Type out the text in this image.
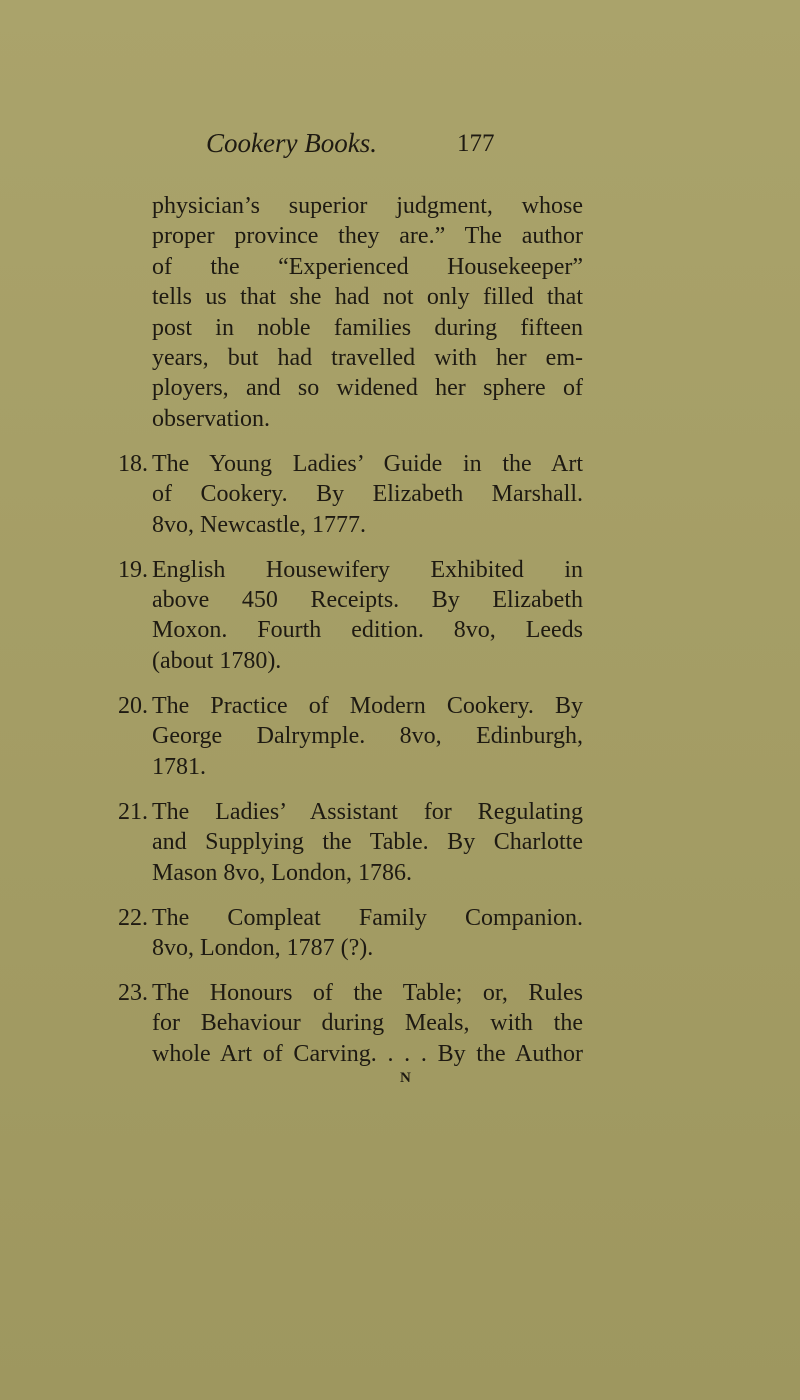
Cookery Books.	177
physician’s superior judgment, whose
proper province they are.” The author
of the “Experienced Housekeeper”
tells us that she had not only filled that
post in noble families during fifteen
years, but had travelled with her em-
ployers, and so widened her sphere of
observation.
18. The Young Ladies’ Guide in the Art
of Cookery. By Elizabeth Marshall.
8vo, Newcastle, 1777.
19. English Housewifery Exhibited in
above 450 Receipts. By Elizabeth
Moxon. Fourth edition. 8vo, Leeds
(about 1780).
20. The Practice of Modern Cookery. By
George Dalrymple. 8vo, Edinburgh,
1781.
21. The Ladies’ Assistant for Regulating
and Supplying the Table. By Charlotte
Mason 8vo, London, 1786.
22. The Compleat Family Companion.
8vo, London, 1787 (?).
23. The Honours of the Table; or, Rules
for Behaviour during Meals, with the
whole Art of Carving. . . . By the Author
N
